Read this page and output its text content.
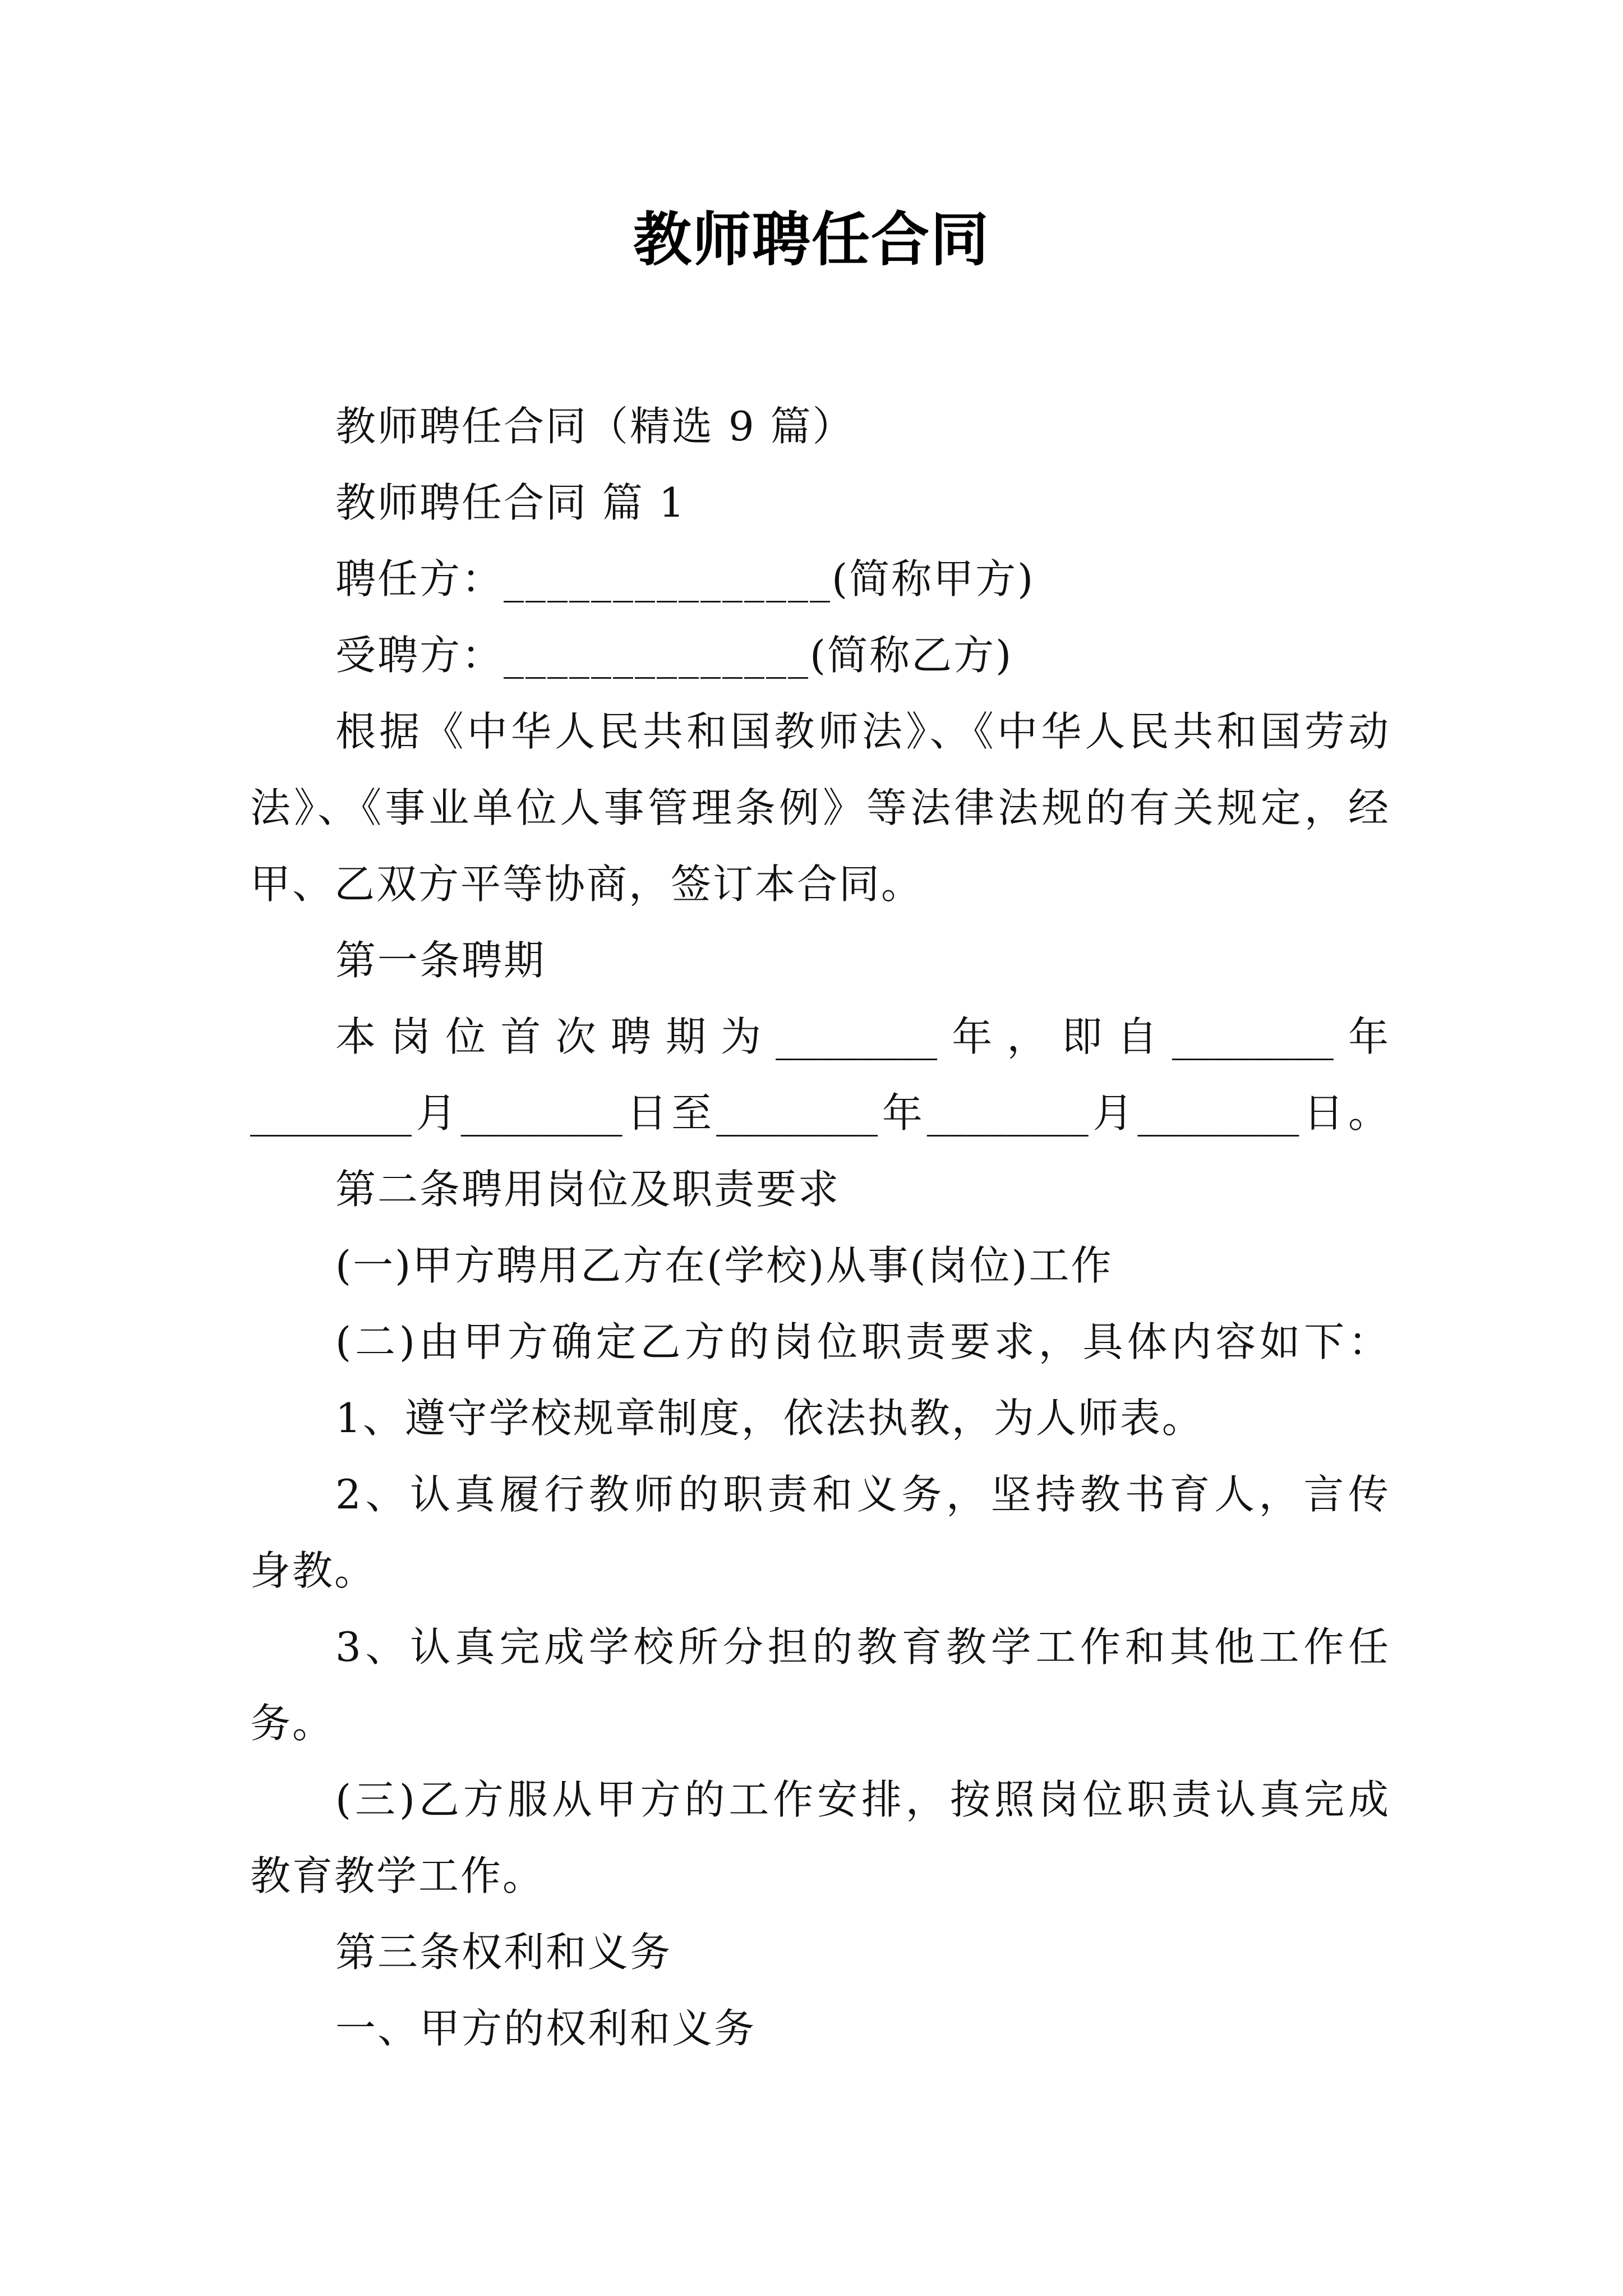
教师聘任合同
教师聘任合同（精选 9 篇）
教师聘任合同 篇 1
聘任方：_______________(简称甲方)
受聘方：______________(简称乙方)
根据《中华人民共和国教师法》、《中华人民共和国劳动
法》、《事业单位人事管理条例》等法律法规的有关规定，经
甲、乙双方平等协商，签订本合同。
第一条聘期
本岗位首次聘期为________年，即自________年
________月________日至________年________月________日。
第二条聘用岗位及职责要求
(一)甲方聘用乙方在(学校)从事(岗位)工作
(二)由甲方确定乙方的岗位职责要求，具体内容如下：
1、遵守学校规章制度，依法执教，为人师表。
2、认真履行教师的职责和义务，坚持教书育人，言传
身教。
3、认真完成学校所分担的教育教学工作和其他工作任
务。
(三)乙方服从甲方的工作安排，按照岗位职责认真完成
教育教学工作。
第三条权利和义务
一、甲方的权利和义务
